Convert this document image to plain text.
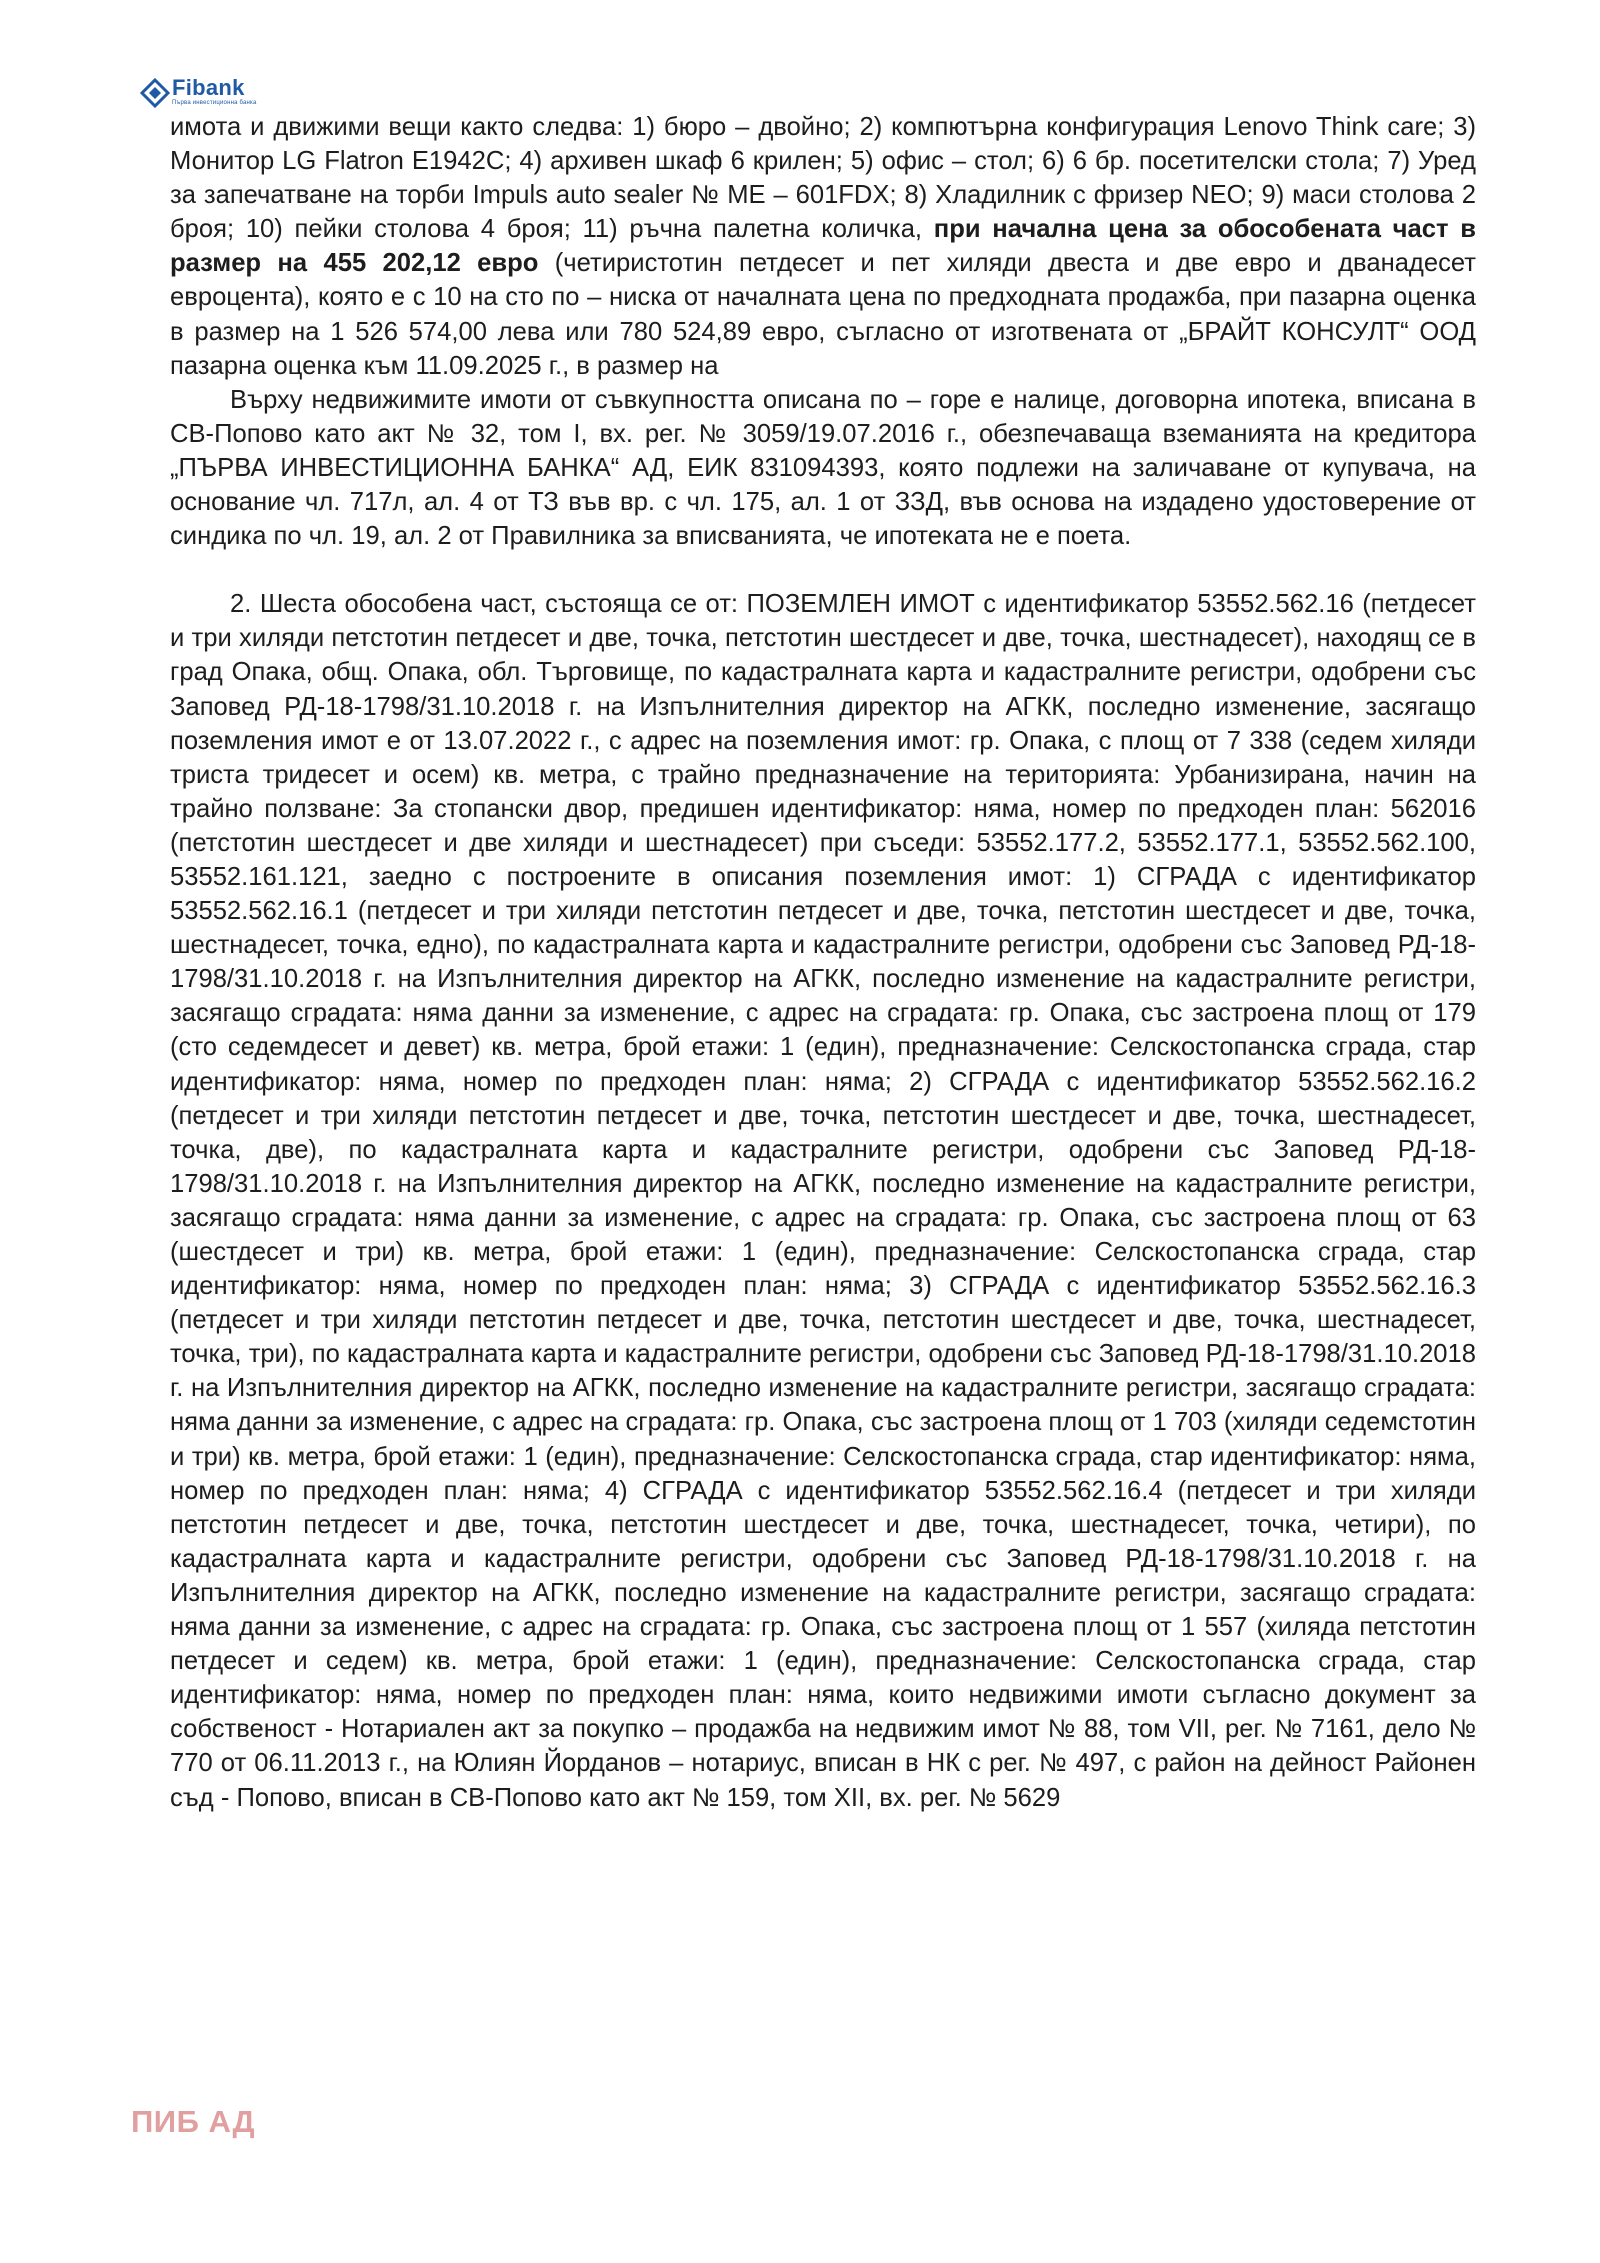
Fibank
Първа инвестиционна банка

имота и движими вещи както следва: 1) бюро – двойно; 2) компютърна конфигурация Lenovo Think care; 3) Монитор LG Flatron E1942C; 4) архивен шкаф 6 крилен; 5) офис – стол; 6) 6 бр. посетителски стола; 7) Уред за запечатване на торби Impuls auto sealer № ME – 601FDX; 8) Хладилник с фризер NEO; 9) маси столова 2 броя; 10) пейки столова 4 броя; 11) ръчна палетна количка, при начална цена за обособената част в размер на 455 202,12 евро (четиристотин петдесет и пет хиляди двеста и две евро и дванадесет евроцента), която е с 10 на сто по – ниска от началната цена по предходната продажба, при пазарна оценка в размер на 1 526 574,00 лева или 780 524,89 евро, съгласно от изготвената от „БРАЙТ КОНСУЛТ“ ООД пазарна оценка към 11.09.2025 г., в размер на

Върху недвижимите имоти от съвкупността описана по – горе е налице, договорна ипотека, вписана в СВ-Попово като акт № 32, том I, вх. рег. № 3059/19.07.2016 г., обезпечаваща вземанията на кредитора „ПЪРВА ИНВЕСТИЦИОННА БАНКА“ АД, ЕИК 831094393, която подлежи на заличаване от купувача, на основание чл. 717л, ал. 4 от ТЗ във вр. с чл. 175, ал. 1 от ЗЗД, във основа на издадено удостоверение от синдика по чл. 19, ал. 2 от Правилника за вписванията, че ипотеката не е поета.

2. Шеста обособена част, състояща се от: ПОЗЕМЛЕН ИМОТ с идентификатор 53552.562.16 (петдесет и три хиляди петстотин петдесет и две, точка, петстотин шестдесет и две, точка, шестнадесет), находящ се в град Опака, общ. Опака, обл. Търговище, по кадастралната карта и кадастралните регистри, одобрени със Заповед РД-18-1798/31.10.2018 г. на Изпълнителния директор на АГКК, последно изменение, засягащо поземления имот е от 13.07.2022 г., с адрес на поземления имот: гр. Опака, с площ от 7 338 (седем хиляди триста тридесет и осем) кв. метра, с трайно предназначение на територията: Урбанизирана, начин на трайно ползване: За стопански двор, предишен идентификатор: няма, номер по предходен план: 562016 (петстотин шестдесет и две хиляди и шестнадесет) при съседи: 53552.177.2, 53552.177.1, 53552.562.100, 53552.161.121, заедно с построените в описания поземления имот: 1) СГРАДА с идентификатор 53552.562.16.1 (петдесет и три хиляди петстотин петдесет и две, точка, петстотин шестдесет и две, точка, шестнадесет, точка, едно), по кадастралната карта и кадастралните регистри, одобрени със Заповед РД-18-1798/31.10.2018 г. на Изпълнителния директор на АГКК, последно изменение на кадастралните регистри, засягащо сградата: няма данни за изменение, с адрес на сградата: гр. Опака, със застроена площ от 179 (сто седемдесет и девет) кв. метра, брой етажи: 1 (един), предназначение: Селскостопанска сграда, стар идентификатор: няма, номер по предходен план: няма; 2) СГРАДА с идентификатор 53552.562.16.2 (петдесет и три хиляди петстотин петдесет и две, точка, петстотин шестдесет и две, точка, шестнадесет, точка, две), по кадастралната карта и кадастралните регистри, одобрени със Заповед РД-18-1798/31.10.2018 г. на Изпълнителния директор на АГКК, последно изменение на кадастралните регистри, засягащо сградата: няма данни за изменение, с адрес на сградата: гр. Опака, със застроена площ от 63 (шестдесет и три) кв. метра, брой етажи: 1 (един), предназначение: Селскостопанска сграда, стар идентификатор: няма, номер по предходен план: няма; 3) СГРАДА с идентификатор 53552.562.16.3 (петдесет и три хиляди петстотин петдесет и две, точка, петстотин шестдесет и две, точка, шестнадесет, точка, три), по кадастралната карта и кадастралните регистри, одобрени със Заповед РД-18-1798/31.10.2018 г. на Изпълнителния директор на АГКК, последно изменение на кадастралните регистри, засягащо сградата: няма данни за изменение, с адрес на сградата: гр. Опака, със застроена площ от 1 703 (хиляди седемстотин и три) кв. метра, брой етажи: 1 (един), предназначение: Селскостопанска сграда, стар идентификатор: няма, номер по предходен план: няма; 4) СГРАДА с идентификатор 53552.562.16.4 (петдесет и три хиляди петстотин петдесет и две, точка, петстотин шестдесет и две, точка, шестнадесет, точка, четири), по кадастралната карта и кадастралните регистри, одобрени със Заповед РД-18-1798/31.10.2018 г. на Изпълнителния директор на АГКК, последно изменение на кадастралните регистри, засягащо сградата: няма данни за изменение, с адрес на сградата: гр. Опака, със застроена площ от 1 557 (хиляда петстотин петдесет и седем) кв. метра, брой етажи: 1 (един), предназначение: Селскостопанска сграда, стар идентификатор: няма, номер по предходен план: няма, които недвижими имоти съгласно документ за собственост - Нотариален акт за покупко – продажба на недвижим имот № 88, том VII, рег. № 7161, дело № 770 от 06.11.2013 г., на Юлиян Йорданов – нотариус, вписан в НК с рег. № 497, с район на дейност Районен съд - Попово, вписан в СВ-Попово като акт № 159, том XII, вх. рег. № 5629

ПИБ АД
